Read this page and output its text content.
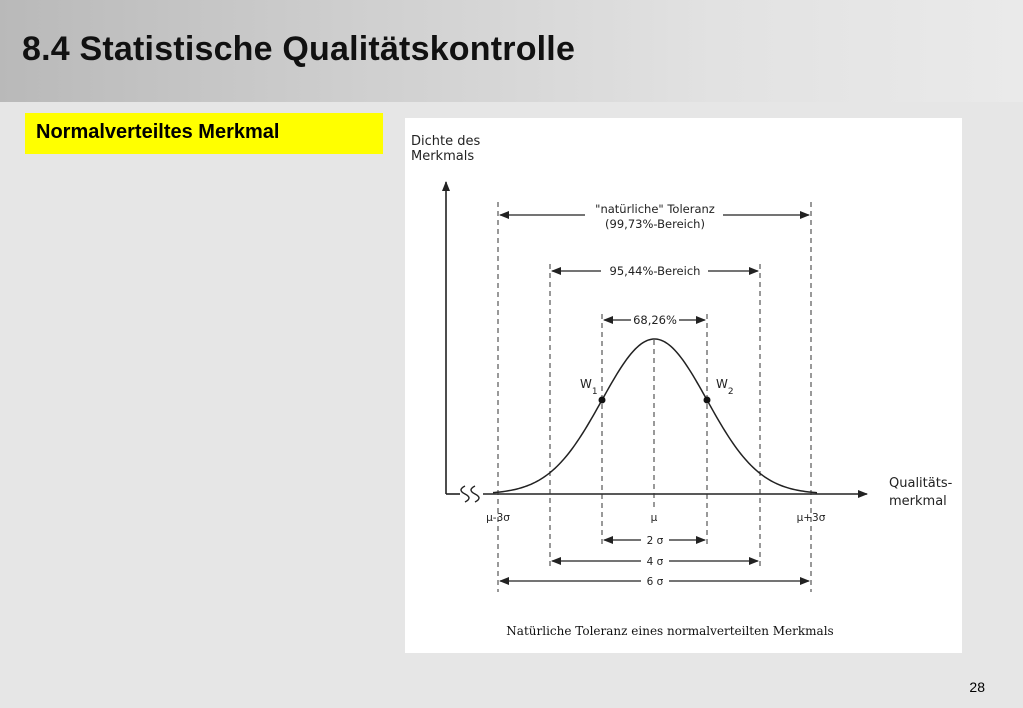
8.4 Statistische Qualitätskontrolle
Normalverteiltes Merkmal	Dichte des
Merkmals
Qualitäts-
merkmal
"natürliche" Toleranz
(99,73%-Bereich)
95,44%-Bereich
68,26%
$W_1$
$W_2$
μ-3σ	μ	μ+3σ
2 σ
4 σ
6 σ
Natürliche Toleranz eines normalverteilten Merkmals
28
